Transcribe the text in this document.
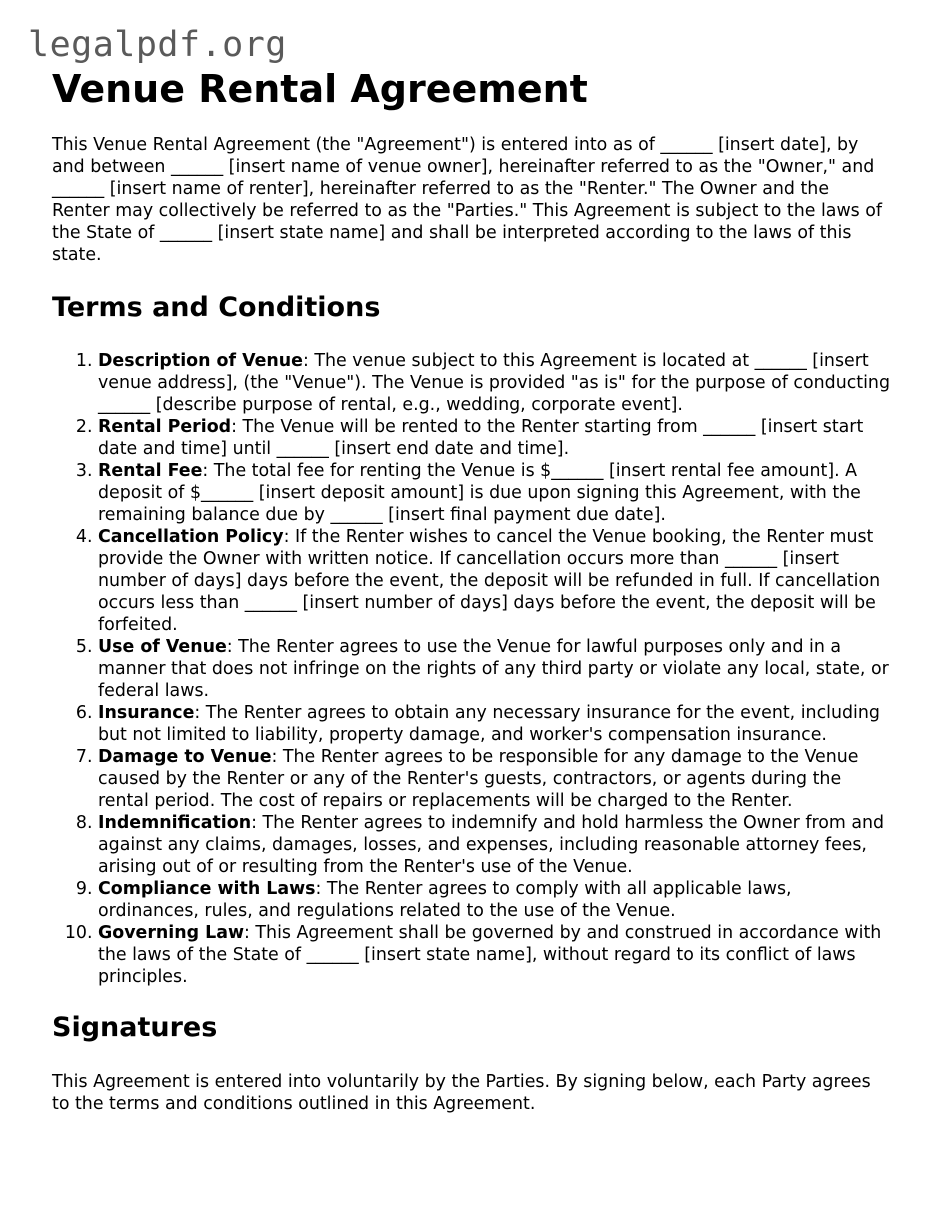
legalpdf.org
Venue Rental Agreement

This Venue Rental Agreement (the "Agreement") is entered into as of ______ [insert date], by and between ______ [insert name of venue owner], hereinafter referred to as the "Owner," and ______ [insert name of renter], hereinafter referred to as the "Renter." The Owner and the Renter may collectively be referred to as the "Parties." This Agreement is subject to the laws of the State of ______ [insert state name] and shall be interpreted according to the laws of this state.

Terms and Conditions
1. Description of Venue: The venue subject to this Agreement is located at ______ [insert venue address], (the "Venue"). The Venue is provided "as is" for the purpose of conducting ______ [describe purpose of rental, e.g., wedding, corporate event].
2. Rental Period: The Venue will be rented to the Renter starting from ______ [insert start date and time] until ______ [insert end date and time].
3. Rental Fee: The total fee for renting the Venue is $______ [insert rental fee amount]. A deposit of $______ [insert deposit amount] is due upon signing this Agreement, with the remaining balance due by ______ [insert final payment due date].
4. Cancellation Policy: If the Renter wishes to cancel the Venue booking, the Renter must provide the Owner with written notice. If cancellation occurs more than ______ [insert number of days] days before the event, the deposit will be refunded in full. If cancellation occurs less than ______ [insert number of days] days before the event, the deposit will be forfeited.
5. Use of Venue: The Renter agrees to use the Venue for lawful purposes only and in a manner that does not infringe on the rights of any third party or violate any local, state, or federal laws.
6. Insurance: The Renter agrees to obtain any necessary insurance for the event, including but not limited to liability, property damage, and worker's compensation insurance.
7. Damage to Venue: The Renter agrees to be responsible for any damage to the Venue caused by the Renter or any of the Renter's guests, contractors, or agents during the rental period. The cost of repairs or replacements will be charged to the Renter.
8. Indemnification: The Renter agrees to indemnify and hold harmless the Owner from and against any claims, damages, losses, and expenses, including reasonable attorney fees, arising out of or resulting from the Renter's use of the Venue.
9. Compliance with Laws: The Renter agrees to comply with all applicable laws, ordinances, rules, and regulations related to the use of the Venue.
10. Governing Law: This Agreement shall be governed by and construed in accordance with the laws of the State of ______ [insert state name], without regard to its conflict of laws principles.
Signatures

This Agreement is entered into voluntarily by the Parties. By signing below, each Party agrees to the terms and conditions outlined in this Agreement.
